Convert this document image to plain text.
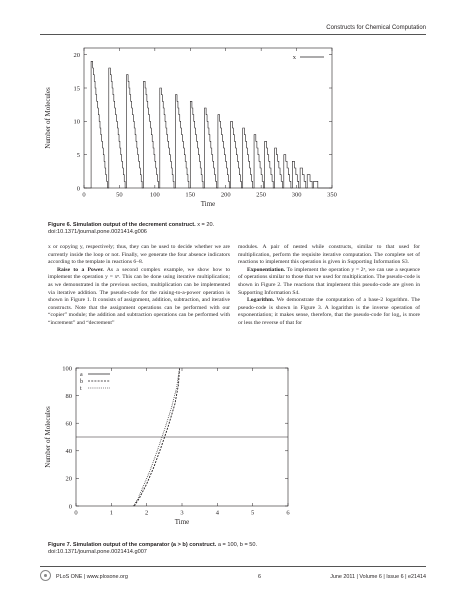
Constructs for Chemical Computation
0	50	100	150	200	250	300	350
0
5
10
15
20
Time
Number of Molecules
x
Figure 6. Simulation output of the decrement construct. x = 20.
doi:10.1371/journal.pone.0021414.g006

x or copying y, respectively; thus, they can be used to decide whether we are currently inside the loop or not. Finally, we generate the four absence indicators according to the template in reactions 6–8.

Raise to a Power. As a second complex example, we show how to implement the operation y = xⁿ. This can be done using iterative multiplication; as we demonstrated in the previous section, multiplication can be implemented via iterative addition. The pseudo-code for the raising-to-a-power operation is shown in Figure 1. It consists of assignment, addition, subtraction, and iterative constructs. Note that the assignment operations can be performed with our “copier” module; the addition and subtraction operations can be performed with “increment” and “decrement”

modules. A pair of nested while constructs, similar to that used for multiplication, perform the requisite iterative computation. The complete set of reactions to implement this operation is given in Supporting Information S3.

Exponentiation. To implement the operation y = 2ˣ, we can use a sequence of operations similar to those that we used for multiplication. The pseudo-code is shown in Figure 2. The reactions that implement this pseudo-code are given in Supporting Information S4.

Logarithm. We demonstrate the computation of a base-2 logarithm. The pseudo-code is shown in Figure 3. A logarithm is the inverse operation of exponentiation; it makes sense, therefore, that the pseudo-code for log₂ is more or less the reverse of that for

0	1	2	3	4	5	6
0
20
40
60
80
100
Time
Number of Molecules
a
b
t
Figure 7. Simulation output of the comparator (a > b) construct. a = 100, b = 50.
doi:10.1371/journal.pone.0021414.g007
PLoS ONE | www.plosone.org	6	June 2011 | Volume 6 | Issue 6 | e21414
